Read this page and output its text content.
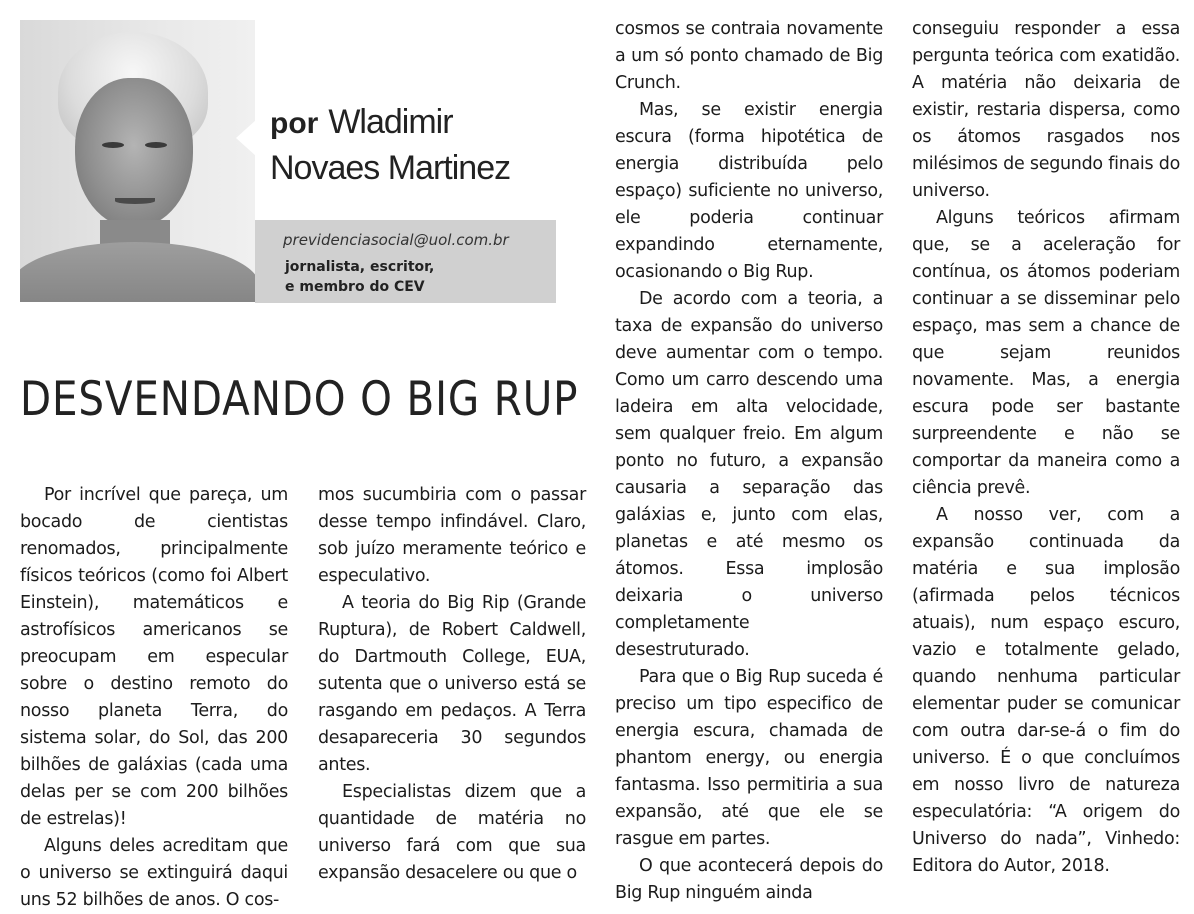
por Wladimir
Novaes Martinez
previdenciasocial@uol.com.br
jornalista, escritor,
e membro do CEV
DESVENDANDO O BIG RUP

Por incrível que pareça, um bocado de cientistas renomados, principalmente físicos teóricos (como foi Albert Einstein), matemáticos e astrofísicos americanos se preocupam em especular sobre o destino remoto do nosso planeta Terra, do sistema solar, do Sol, das 200 bilhões de galáxias (cada uma delas per se com 200 bilhões de estrelas)!

Alguns deles acreditam que o universo se extinguirá daqui uns 52 bilhões de anos. O cos-

mos sucumbiria com o passar desse tempo infindável. Claro, sob juízo meramente teórico e especulativo.

A teoria do Big Rip (Grande Ruptura), de Robert Caldwell, do Dartmouth College, EUA, sutenta que o universo está se rasgando em pedaços. A Terra desapareceria 30 segundos antes.

Especialistas dizem que a quantidade de matéria no universo fará com que sua expansão desacelere ou que o

cosmos se contraia novamente a um só ponto chamado de Big Crunch.

Mas, se existir energia escura (forma hipotética de energia distribuída pelo espaço) suficiente no universo, ele poderia continuar expandindo eternamente, ocasionando o Big Rup.

De acordo com a teoria, a taxa de expansão do universo deve aumentar com o tempo. Como um carro descendo uma ladeira em alta velocidade, sem qualquer freio. Em algum ponto no futuro, a expansão causaria a separação das galáxias e, junto com elas, planetas e até mesmo os átomos. Essa implosão deixaria o universo completamente desestruturado.

Para que o Big Rup suceda é preciso um tipo especifico de energia escura, chamada de phantom energy, ou energia fantasma. Isso permitiria a sua expansão, até que ele se rasgue em partes.

O que acontecerá depois do Big Rup ninguém ainda

conseguiu responder a essa pergunta teórica com exatidão. A matéria não deixaria de existir, restaria dispersa, como os átomos rasgados nos milésimos de segundo finais do universo.

Alguns teóricos afirmam que, se a aceleração for contínua, os átomos poderiam continuar a se disseminar pelo espaço, mas sem a chance de que sejam reunidos novamente. Mas, a energia escura pode ser bastante surpreendente e não se comportar da maneira como a ciência prevê.

A nosso ver, com a expansão continuada da matéria e sua implosão (afirmada pelos técnicos atuais), num espaço escuro, vazio e totalmente gelado, quando nenhuma particular elementar puder se comunicar com outra dar-se-á o fim do universo. É o que concluímos em nosso livro de natureza especulatória: “A origem do Universo do nada”, Vinhedo: Editora do Autor, 2018.
